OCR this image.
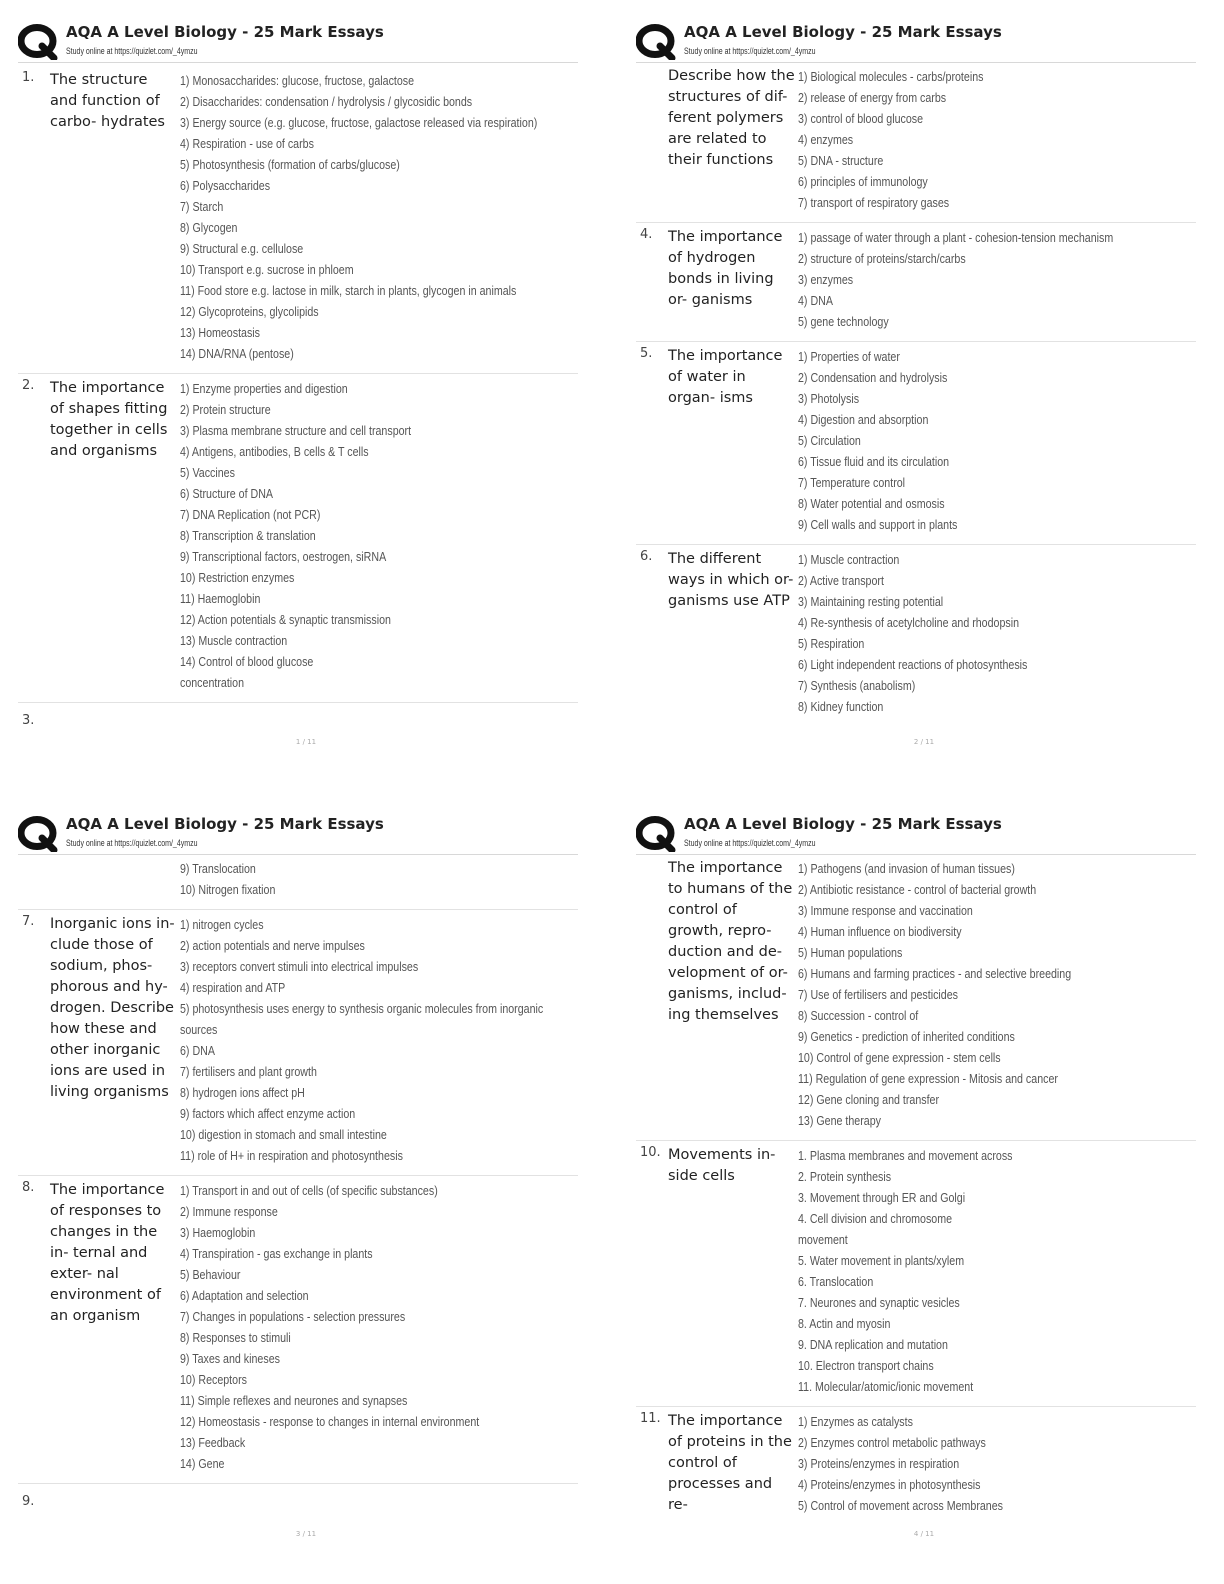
AQA A Level Biology - 25 Mark Essays
Study online at https://quizlet.com/_4ymzu
1. The structure and function of carbo- hydrates
1) Monosaccharides: glucose, fructose, galactose
2) Disaccharides: condensation / hydrolysis / glycosidic bonds
3) Energy source (e.g. glucose, fructose, galactose released via respiration)
4) Respiration - use of carbs
5) Photosynthesis (formation of carbs/glucose)
6) Polysaccharides
7) Starch
8) Glycogen
9) Structural e.g. cellulose
10) Transport e.g. sucrose in phloem
11) Food store e.g. lactose in milk, starch in plants, glycogen in animals
12) Glycoproteins, glycolipids
13) Homeostasis
14) DNA/RNA (pentose)
2. The importance of shapes fitting together in cells and organisms
1) Enzyme properties and digestion
2) Protein structure
3) Plasma membrane structure and cell transport
4) Antigens, antibodies, B cells & T cells
5) Vaccines
6) Structure of DNA
7) DNA Replication (not PCR)
8) Transcription & translation
9) Transcriptional factors, oestrogen, siRNA
10) Restriction enzymes
11) Haemoglobin
12) Action potentials & synaptic transmission
13) Muscle contraction
14) Control of blood glucose
concentration
3.
1 / 11
AQA A Level Biology - 25 Mark Essays
Study online at https://quizlet.com/_4ymzu
Describe how the structures of dif- ferent polymers are related to their functions
1) Biological molecules - carbs/proteins
2) release of energy from carbs
3) control of blood glucose
4) enzymes
5) DNA - structure
6) principles of immunology
7) transport of respiratory gases
4. The importance of hydrogen bonds in living or- ganisms
1) passage of water through a plant - cohesion-tension mechanism
2) structure of proteins/starch/carbs
3) enzymes
4) DNA
5) gene technology
5. The importance of water in organ- isms
1) Properties of water
2) Condensation and hydrolysis
3) Photolysis
4) Digestion and absorption
5) Circulation
6) Tissue fluid and its circulation
7) Temperature control
8) Water potential and osmosis
9) Cell walls and support in plants
6. The different ways in which or- ganisms use ATP
1) Muscle contraction
2) Active transport
3) Maintaining resting potential
4) Re-synthesis of acetylcholine and rhodopsin
5) Respiration
6) Light independent reactions of photosynthesis
7) Synthesis (anabolism)
8) Kidney function
2 / 11
AQA A Level Biology - 25 Mark Essays
Study online at https://quizlet.com/_4ymzu
9) Translocation
10) Nitrogen fixation
7. Inorganic ions in- clude those of sodium, phos- phorous and hy- drogen. Describe how these and other inorganic ions are used in living organisms
1) nitrogen cycles
2) action potentials and nerve impulses
3) receptors convert stimuli into electrical impulses
4) respiration and ATP
5) photosynthesis uses energy to synthesis organic molecules from inorganic
sources
6) DNA
7) fertilisers and plant growth
8) hydrogen ions affect pH
9) factors which affect enzyme action
10) digestion in stomach and small intestine
11) role of H+ in respiration and photosynthesis
8. The importance of responses to changes in the in- ternal and exter- nal environment of an organism
1) Transport in and out of cells (of specific substances)
2) Immune response
3) Haemoglobin
4) Transpiration - gas exchange in plants
5) Behaviour
6) Adaptation and selection
7) Changes in populations - selection pressures
8) Responses to stimuli
9) Taxes and kineses
10) Receptors
11) Simple reflexes and neurones and synapses
12) Homeostasis - response to changes in internal environment
13) Feedback
14) Gene
9.
3 / 11
AQA A Level Biology - 25 Mark Essays
Study online at https://quizlet.com/_4ymzu
The importance to humans of the control of growth, repro- duction and de- velopment of or- ganisms, includ- ing themselves
1) Pathogens (and invasion of human tissues)
2) Antibiotic resistance - control of bacterial growth
3) Immune response and vaccination
4) Human influence on biodiversity
5) Human populations
6) Humans and farming practices - and selective breeding
7) Use of fertilisers and pesticides
8) Succession - control of
9) Genetics - prediction of inherited conditions
10) Control of gene expression - stem cells
11) Regulation of gene expression - Mitosis and cancer
12) Gene cloning and transfer
13) Gene therapy
10. Movements in- side cells
1. Plasma membranes and movement across
2. Protein synthesis
3. Movement through ER and Golgi
4. Cell division and chromosome
movement
5. Water movement in plants/xylem
6. Translocation
7. Neurones and synaptic vesicles
8. Actin and myosin
9. DNA replication and mutation
10. Electron transport chains
11. Molecular/atomic/ionic movement
11. The importance of proteins in the control of processes and re-
1) Enzymes as catalysts
2) Enzymes control metabolic pathways
3) Proteins/enzymes in respiration
4) Proteins/enzymes in photosynthesis
5) Control of movement across Membranes
4 / 11
